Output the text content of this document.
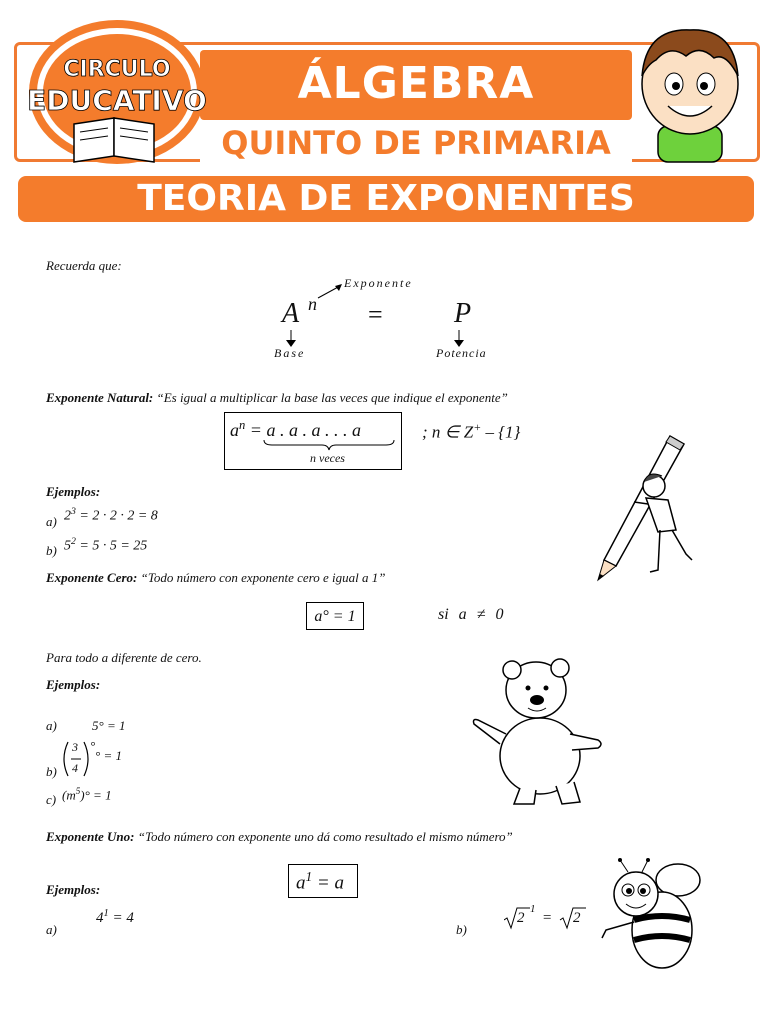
CIRCULO
EDUCATIVO	ÁLGEBRA
QUINTO DE PRIMARIA
TEORIA DE EXPONENTES
Recuerda que:
Exponente
A n =	P
Base	Potencia
Exponente Natural: “Es igual a multiplicar la base las veces que indique el exponente”
$a^n = a$ . a . a . . . a
n veces
; n ∈ Z+ – {1}
Ejemplos:
a) $2^3 = 2 \cdot 2 \cdot 2 = 8$
b) $5^2 = 5 \cdot 5 = 25$
Exponente Cero: “Todo número con exponente cero e igual a 1”
a° = 1	si a ≠ 0
Para todo a diferente de cero.
Ejemplos:
a)	5° = 1
b)
3
4
°
° = 1
c) $(m^5)^\circ = 1$
Exponente Uno: “Todo número con exponente uno dá como resultado el mismo número”
$a^1 = a$
Ejemplos:
a)
$4^1 = 4$
b)
2
1
= 2
